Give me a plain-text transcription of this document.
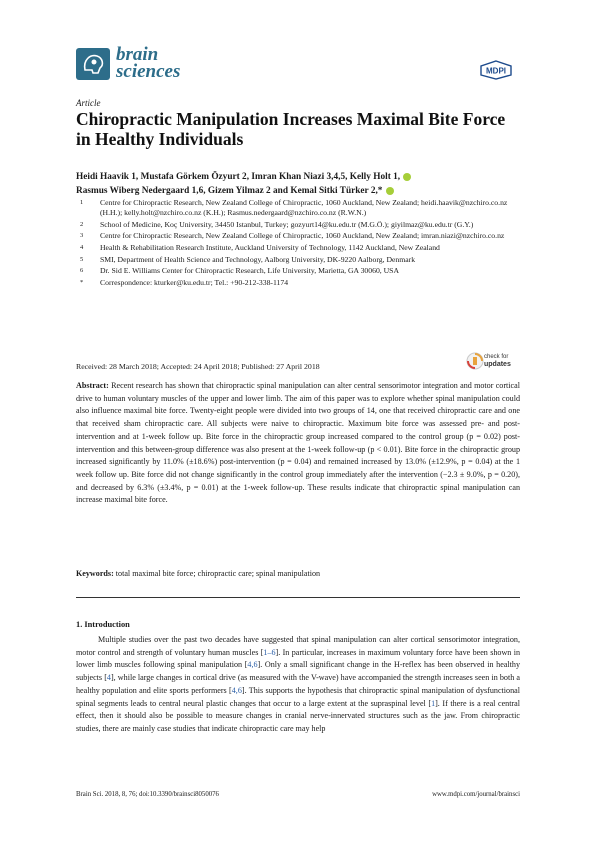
brain
sciences	MDPI
Article
Chiropractic Manipulation Increases Maximal Bite Force in Healthy Individuals
Heidi Haavik 1, Mustafa Görkem Özyurt 2, Imran Khan Niazi 3,4,5, Kelly Holt 1,
Rasmus Wiberg Nedergaard 1,6, Gizem Yilmaz 2 and Kemal Sitki Türker 2,*
1	Centre for Chiropractic Research, New Zealand College of Chiropractic, 1060 Auckland, New Zealand; heidi.haavik@nzchiro.co.nz (H.H.); kelly.holt@nzchiro.co.nz (K.H.); Rasmus.nedergaard@nzchiro.co.nz (R.W.N.)
2	School of Medicine, Koç University, 34450 Istanbul, Turkey; gozyurt14@ku.edu.tr (M.G.Ö.); giyilmaz@ku.edu.tr (G.Y.)
3	Centre for Chiropractic Research, New Zealand College of Chiropractic, 1060 Auckland, New Zealand; imran.niazi@nzchiro.co.nz
4	Health & Rehabilitation Research Institute, Auckland University of Technology, 1142 Auckland, New Zealand
5	SMI, Department of Health Science and Technology, Aalborg University, DK-9220 Aalborg, Denmark
6	Dr. Sid E. Williams Center for Chiropractic Research, Life University, Marietta, GA 30060, USA
*	Correspondence: kturker@ku.edu.tr; Tel.: +90-212-338-1174
Received: 28 March 2018; Accepted: 24 April 2018; Published: 27 April 2018
check for
updates
Abstract: Recent research has shown that chiropractic spinal manipulation can alter central sensorimotor integration and motor cortical drive to human voluntary muscles of the upper and lower limb. The aim of this paper was to explore whether spinal manipulation could also influence maximal bite force. Twenty-eight people were divided into two groups of 14, one that received chiropractic care and one that received sham chiropractic care. All subjects were naive to chiropractic. Maximum bite force was assessed pre- and post-intervention and at 1-week follow up. Bite force in the chiropractic group increased compared to the control group (p = 0.02) post-intervention and this between-group difference was also present at the 1-week follow-up (p < 0.01). Bite force in the chiropractic group increased significantly by 11.0% (±18.6%) post-intervention (p = 0.04) and remained increased by 13.0% (±12.9%, p = 0.04) at the 1 week follow up. Bite force did not change significantly in the control group immediately after the intervention (−2.3 ± 9.0%, p = 0.20), and decreased by 6.3% (±3.4%, p = 0.01) at the 1-week follow-up. These results indicate that chiropractic spinal manipulation can increase maximal bite force.
Keywords: total maximal bite force; chiropractic care; spinal manipulation
1. Introduction
Multiple studies over the past two decades have suggested that spinal manipulation can alter cortical sensorimotor integration, motor control and strength of voluntary human muscles [1–6]. In particular, increases in maximum voluntary force have been shown in lower limb muscles following spinal manipulation [4,6]. Only a small significant change in the H-reflex has been observed in healthy subjects [4], while large changes in cortical drive (as measured with the V-wave) have accompanied the strength increases seen in both a healthy population and elite sports performers [4,6]. This supports the hypothesis that chiropractic spinal manipulation of dysfunctional spinal segments leads to central neural plastic changes that occur to a large extent at the supraspinal level [1]. If there is a real central effect, then it should also be possible to measure changes in cranial nerve-innervated structures such as the jaw. From chiropractic studies, there are mainly case studies that indicate chiropractic care may help
Brain Sci. 2018, 8, 76; doi:10.3390/brainsci8050076	www.mdpi.com/journal/brainsci
